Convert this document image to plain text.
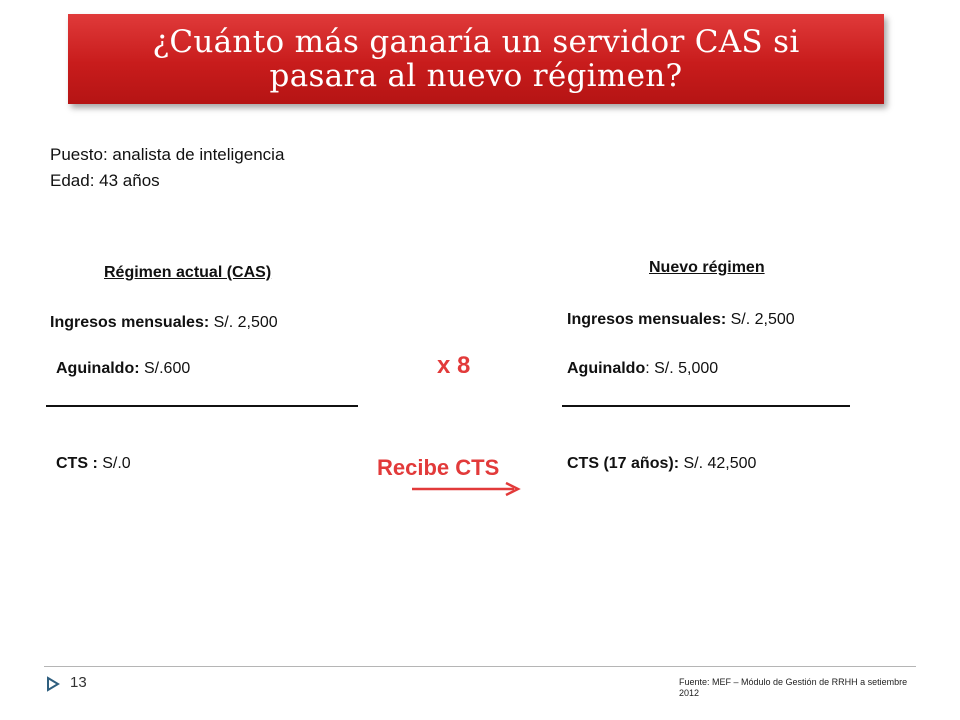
¿Cuánto más ganaría un servidor CAS si pasara al nuevo régimen?
Puesto: analista de inteligencia
Edad: 43 años
Régimen actual (CAS)
Ingresos mensuales: S/. 2,500
Aguinaldo: S/.600
CTS : S/.0
Nuevo régimen
Ingresos mensuales: S/. 2,500
Aguinaldo: S/. 5,000
CTS (17 años): S/. 42,500
x 8
Recibe CTS
13	Fuente: MEF – Módulo de Gestión de RRHH a setiembre 2012
